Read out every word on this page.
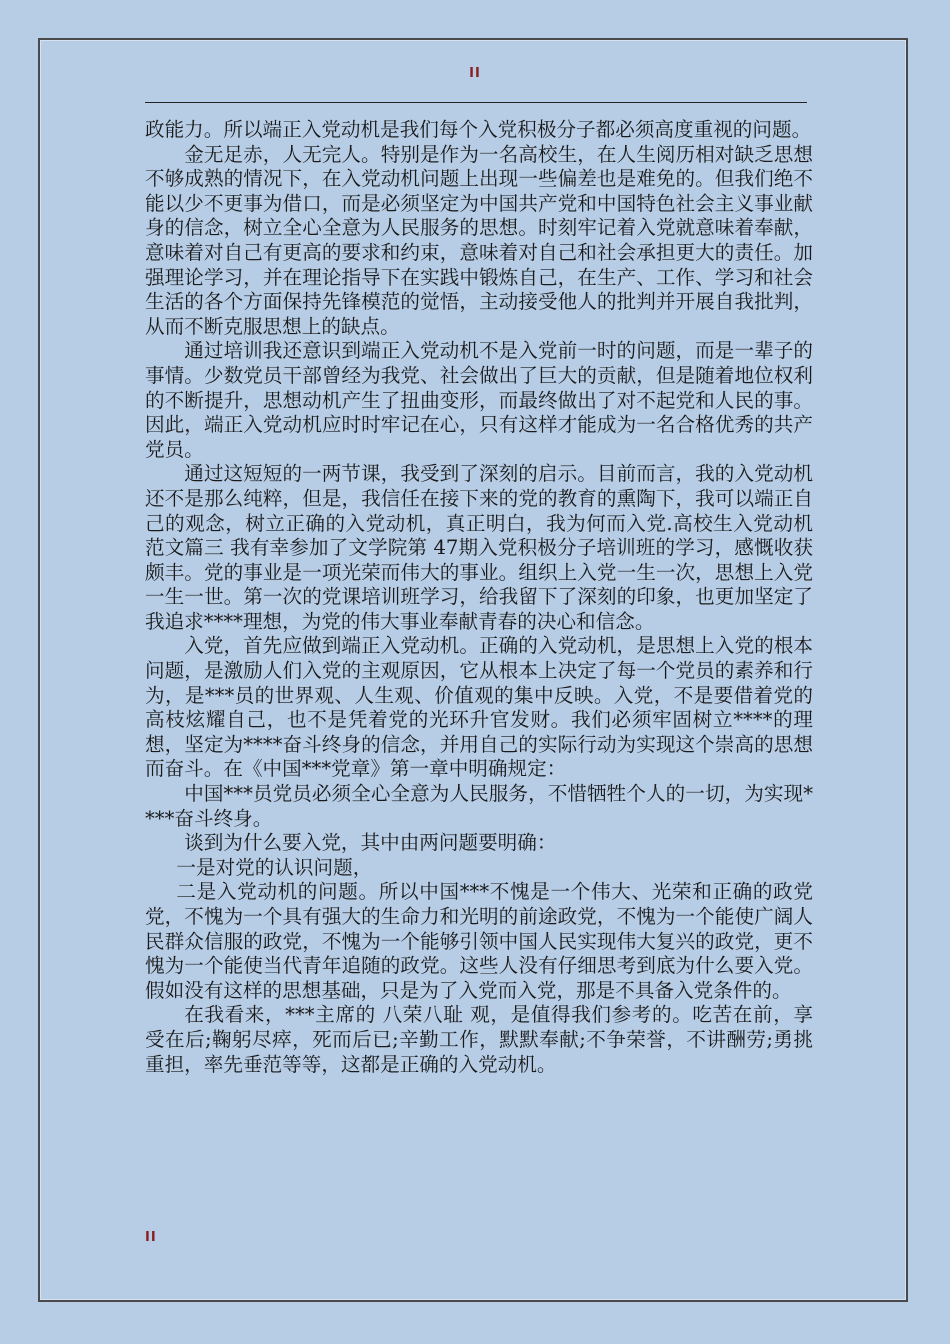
II

政能力。所以端正入党动机是我们每个入党积极分子都必须高度重视的问题。

金无足赤，人无完人。特别是作为一名高校生，在人生阅历相对缺乏思想不够成熟的情况下，在入党动机问题上出现一些偏差也是难免的。但我们绝不能以少不更事为借口，而是必须坚定为中国共产党和中国特色社会主义事业献身的信念，树立全心全意为人民服务的思想。时刻牢记着入党就意味着奉献，意味着对自己有更高的要求和约束，意味着对自己和社会承担更大的责任。加强理论学习，并在理论指导下在实践中锻炼自己，在生产、工作、学习和社会生活的各个方面保持先锋模范的觉悟，主动接受他人的批判并开展自我批判，从而不断克服思想上的缺点。

通过培训我还意识到端正入党动机不是入党前一时的问题，而是一辈子的事情。少数党员干部曾经为我党、社会做出了巨大的贡献，但是随着地位权利的不断提升，思想动机产生了扭曲变形，而最终做出了对不起党和人民的事。因此，端正入党动机应时时牢记在心，只有这样才能成为一名合格优秀的共产党员。

通过这短短的一两节课，我受到了深刻的启示。目前而言，我的入党动机还不是那么纯粹，但是，我信任在接下来的党的教育的熏陶下，我可以端正自己的观念，树立正确的入党动机，真正明白，我为何而入党.高校生入党动机范文篇三 我有幸参加了文学院第 47期入党积极分子培训班的学习，感慨收获颇丰。党的事业是一项光荣而伟大的事业。组织上入党一生一次，思想上入党一生一世。第一次的党课培训班学习，给我留下了深刻的印象，也更加坚定了我追求****理想，为党的伟大事业奉献青春的决心和信念。

入党，首先应做到端正入党动机。正确的入党动机，是思想上入党的根本问题，是激励人们入党的主观原因，它从根本上决定了每一个党员的素养和行为，是***员的世界观、人生观、价值观的集中反映。入党，不是要借着党的高枝炫耀自己，也不是凭着党的光环升官发财。我们必须牢固树立****的理想，坚定为****奋斗终身的信念，并用自己的实际行动为实现这个崇高的思想而奋斗。在《中国***党章》第一章中明确规定：

中国***员党员必须全心全意为人民服务，不惜牺牲个人的一切，为实现****奋斗终身。

谈到为什么要入党，其中由两问题要明确：

一是对党的认识问题，

二是入党动机的问题。所以中国***不愧是一个伟大、光荣和正确的政党党，不愧为一个具有强大的生命力和光明的前途政党，不愧为一个能使广阔人民群众信服的政党，不愧为一个能够引领中国人民实现伟大复兴的政党，更不愧为一个能使当代青年追随的政党。这些人没有仔细思考到底为什么要入党。假如没有这样的思想基础，只是为了入党而入党，那是不具备入党条件的。

在我看来，***主席的 八荣八耻 观，是值得我们参考的。吃苦在前，享受在后;鞠躬尽瘁，死而后已;辛勤工作，默默奉献;不争荣誉，不讲酬劳;勇挑重担，率先垂范等等，这都是正确的入党动机。

II
